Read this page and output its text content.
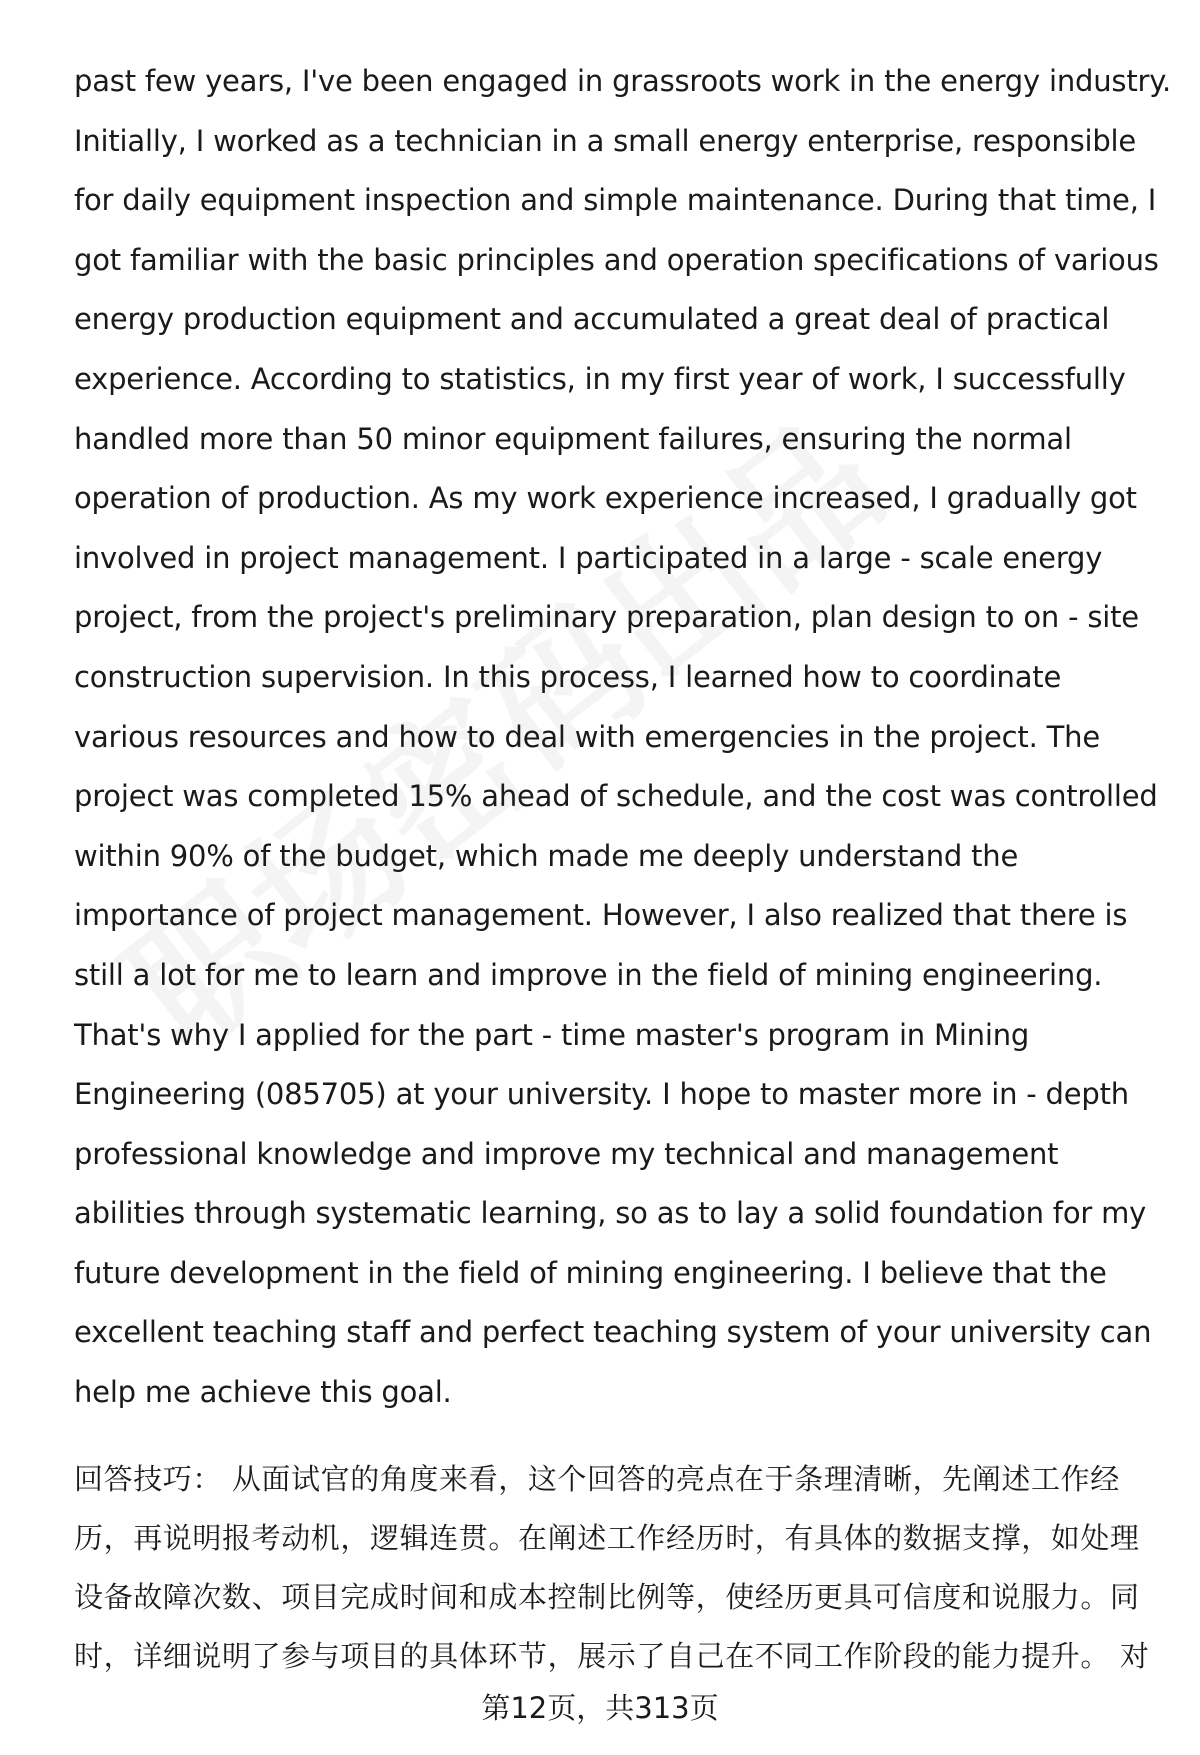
past few years, I've been engaged in grassroots work in the energy industry.
Initially, I worked as a technician in a small energy enterprise, responsible
for daily equipment inspection and simple maintenance. During that time, I
got familiar with the basic principles and operation specifications of various
energy production equipment and accumulated a great deal of practical
experience. According to statistics, in my first year of work, I successfully
handled more than 50 minor equipment failures, ensuring the normal
operation of production. As my work experience increased, I gradually got
involved in project management. I participated in a large - scale energy
project, from the project's preliminary preparation, plan design to on - site
construction supervision. In this process, I learned how to coordinate
various resources and how to deal with emergencies in the project. The
project was completed 15% ahead of schedule, and the cost was controlled
within 90% of the budget, which made me deeply understand the
importance of project management. However, I also realized that there is
still a lot for me to learn and improve in the field of mining engineering.
That's why I applied for the part - time master's program in Mining
Engineering (085705) at your university. I hope to master more in - depth
professional knowledge and improve my technical and management
abilities through systematic learning, so as to lay a solid foundation for my
future development in the field of mining engineering. I believe that the
excellent teaching staff and perfect teaching system of your university can
help me achieve this goal.
回答技巧： 从面试官的角度来看，这个回答的亮点在于条理清晰，先阐述工作经
历，再说明报考动机，逻辑连贯。在阐述工作经历时，有具体的数据支撑，如处理
设备故障次数、项目完成时间和成本控制比例等，使经历更具可信度和说服力。同
时，详细说明了参与项目的具体环节，展示了自己在不同工作阶段的能力提升。 对
第12页，共313页
